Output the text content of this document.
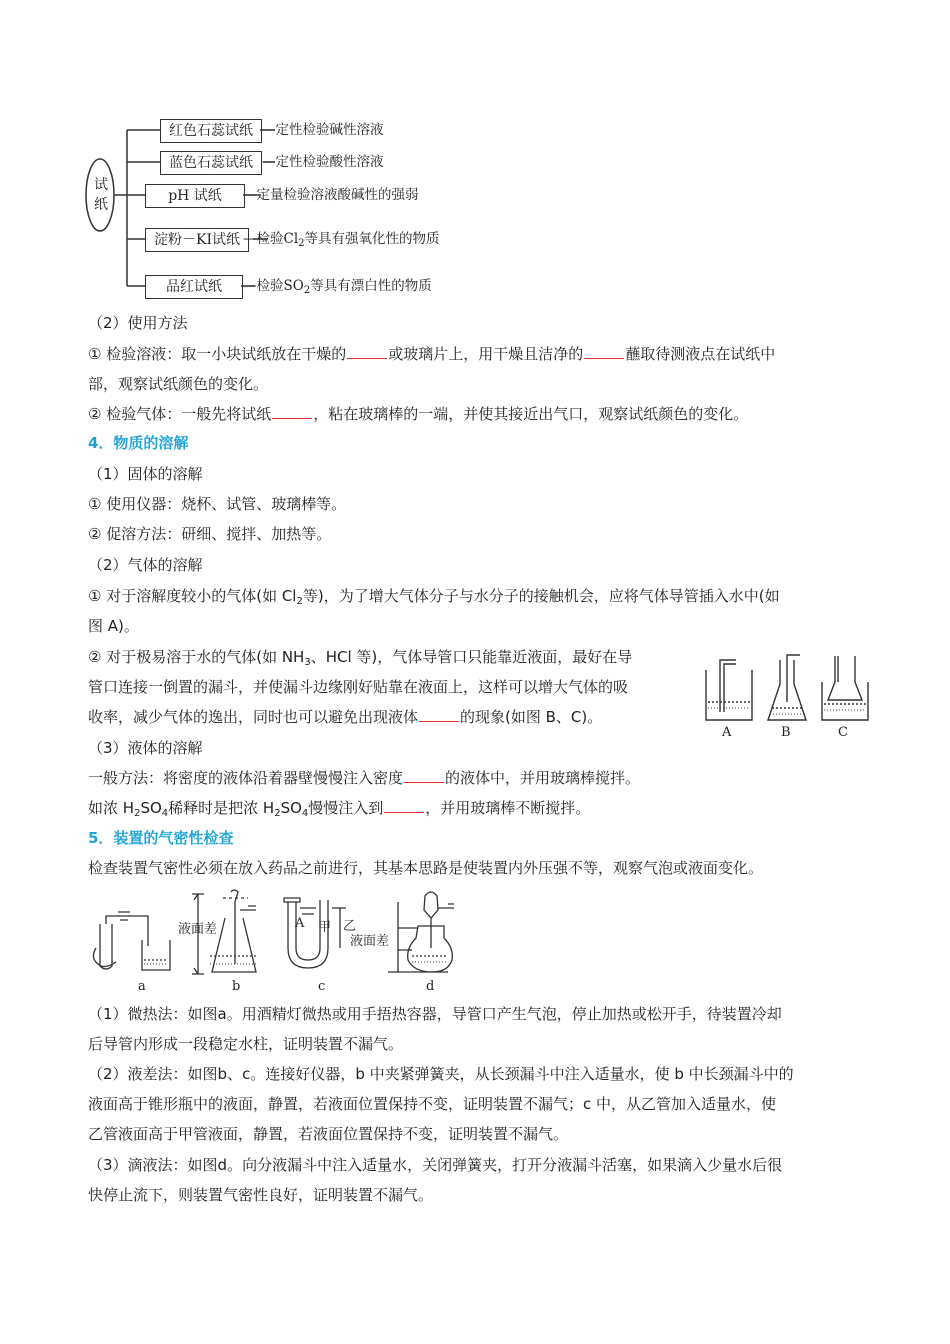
试纸
红色石蕊试纸 —定性检验碱性溶液
蓝色石蕊试纸 —定性检验酸性溶液
pH 试纸	—定量检验溶液酸碱性的强弱
淀粉－KI试纸 —检验$Cl_2$等具有强氧化性的物质
品红试纸	—检验$SO_2$等具有漂白性的物质
（2）使用方法
① 检验溶液：取一小块试纸放在干燥的	或玻璃片上，用干燥且洁净的	蘸取待测液点在试纸中
部，观察试纸颜色的变化。
② 检验气体：一般先将试纸	，粘在玻璃棒的一端，并使其接近出气口，观察试纸颜色的变化。
4．物质的溶解
（1）固体的溶解
① 使用仪器：烧杯、试管、玻璃棒等。
② 促溶方法：研细、搅拌、加热等。
（2）气体的溶解
① 对于溶解度较小的气体(如 $Cl_2$等)，为了增大气体分子与水分子的接触机会，应将气体导管插入水中(如
图 A)。
② 对于极易溶于水的气体(如 $NH_3$、HCl 等)，气体导管口只能靠近液面，最好在导
管口连接一倒置的漏斗，并使漏斗边缘刚好贴靠在液面上，这样可以增大气体的吸
收率，减少气体的逸出，同时也可以避免出现液体	的现象(如图 B、C)。
A	B	C
（3）液体的溶解
一般方法：将密度的液体沿着器壁慢慢注入密度	的液体中，并用玻璃棒搅拌。
如浓 $H_2SO_4$稀释时是把浓 $H_2SO_4$慢慢注入到	，并用玻璃棒不断搅拌。
5．装置的气密性检查
检查装置气密性必须在放入药品之前进行，其基本思路是使装置内外压强不等，观察气泡或液面变化。
液面差	A 甲 乙
液面差
a	b	c	d
（1）微热法：如图a。用酒精灯微热或用手捂热容器，导管口产生气泡，停止加热或松开手，待装置冷却
后导管内形成一段稳定水柱，证明装置不漏气。
（2）液差法：如图b、c。连接好仪器，b 中夹紧弹簧夹，从长颈漏斗中注入适量水，使 b 中长颈漏斗中的
液面高于锥形瓶中的液面，静置，若液面位置保持不变，证明装置不漏气；c 中，从乙管加入适量水，使
乙管液面高于甲管液面，静置，若液面位置保持不变，证明装置不漏气。
（3）滴液法：如图d。向分液漏斗中注入适量水，关闭弹簧夹，打开分液漏斗活塞，如果滴入少量水后很
快停止流下，则装置气密性良好，证明装置不漏气。
